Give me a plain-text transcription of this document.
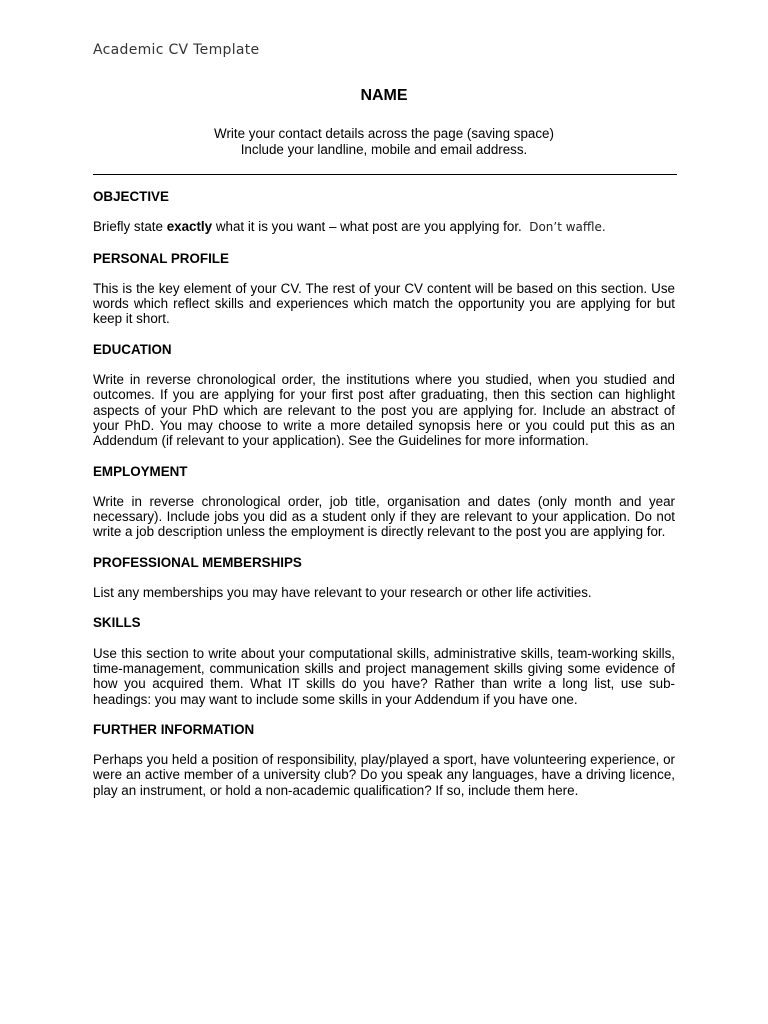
Academic CV Template
NAME
Write your contact details across the page (saving space)
Include your landline, mobile and email address.
OBJECTIVE
Briefly state exactly what it is you want – what post are you applying for. Don’t waffle.
PERSONAL PROFILE
This is the key element of your CV. The rest of your CV content will be based on this section. Use words which reflect skills and experiences which match the opportunity you are applying for but keep it short.
EDUCATION
Write in reverse chronological order, the institutions where you studied, when you studied and outcomes. If you are applying for your first post after graduating, then this section can highlight aspects of your PhD which are relevant to the post you are applying for. Include an abstract of your PhD. You may choose to write a more detailed synopsis here or you could put this as an Addendum (if relevant to your application). See the Guidelines for more information.
EMPLOYMENT
Write in reverse chronological order, job title, organisation and dates (only month and year necessary). Include jobs you did as a student only if they are relevant to your application. Do not write a job description unless the employment is directly relevant to the post you are applying for.
PROFESSIONAL MEMBERSHIPS
List any memberships you may have relevant to your research or other life activities.
SKILLS
Use this section to write about your computational skills, administrative skills, team-working skills, time-management, communication skills and project management skills giving some evidence of how you acquired them. What IT skills do you have? Rather than write a long list, use sub-headings: you may want to include some skills in your Addendum if you have one.
FURTHER INFORMATION
Perhaps you held a position of responsibility, play/played a sport, have volunteering experience, or were an active member of a university club? Do you speak any languages, have a driving licence, play an instrument, or hold a non-academic qualification? If so, include them here.
